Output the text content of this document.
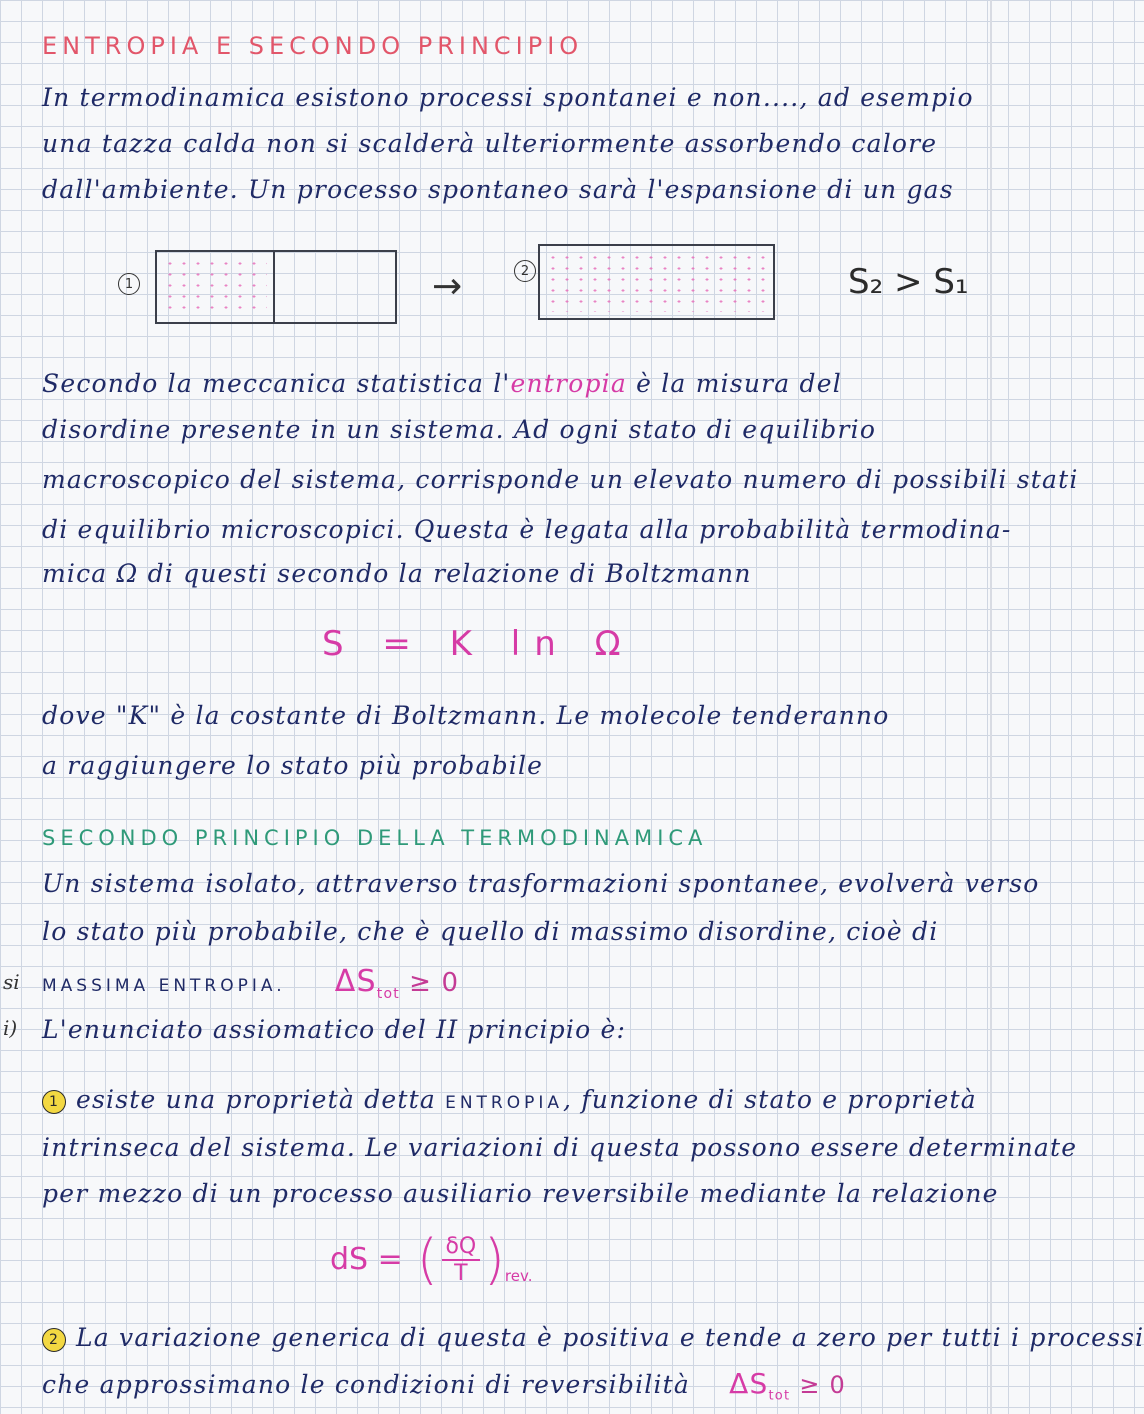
ENTROPIA E SECONDO PRINCIPIO
In termodinamica esistono processi spontanei e non...., ad esempio
una tazza calda non si scalderà ulteriormente assorbendo calore
dall'ambiente. Un processo spontaneo sarà l'espansione di un gas
1	→	2	S₂ > S₁
Secondo la meccanica statistica l'entropia è la misura del
disordine presente in un sistema. Ad ogni stato di equilibrio
macroscopico del sistema, corrisponde un elevato numero di possibili stati
di equilibrio microscopici. Questa è legata alla probabilità termodina-
mica Ω di questi secondo la relazione di Boltzmann
S = K ln Ω
dove "K" è la costante di Boltzmann. Le molecole tenderanno
a raggiungere lo stato più probabile
SECONDO PRINCIPIO DELLA TERMODINAMICA
Un sistema isolato, attraverso trasformazioni spontanee, evolverà verso
lo stato più probabile, che è quello di massimo disordine, cioè di
si MASSIMA ENTROPIA. $\Delta S_{tot} \ge 0$
i) L'enunciato assiomatico del II principio è:
1 esiste una proprietà detta ENTROPIA, funzione di stato e proprietà
intrinseca del sistema. Le variazioni di questa possono essere determinate
per mezzo di un processo ausiliario reversibile mediante la relazione
dS = ( δQ
T ) rev.
2 La variazione generica di questa è positiva e tende a zero per tutti i processi
che approssimano le condizioni di reversibilità $\Delta S_{tot} \ge 0$
